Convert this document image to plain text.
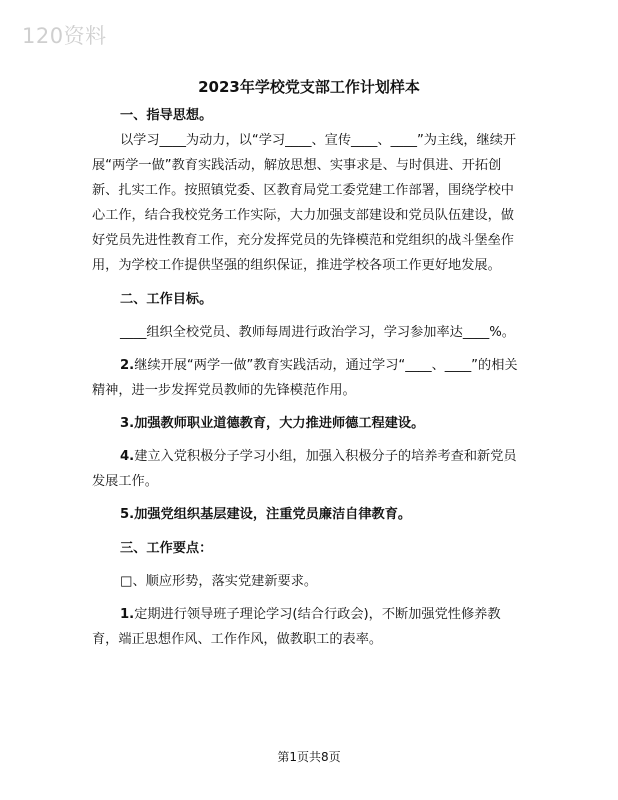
120资料
2023年学校党支部工作计划样本

一、指导思想。

以学习____为动力，以“学习____、宣传____、____”为主线，继续开展“两学一做”教育实践活动，解放思想、实事求是、与时俱进、开拓创新、扎实工作。按照镇党委、区教育局党工委党建工作部署，围绕学校中心工作，结合我校党务工作实际，大力加强支部建设和党员队伍建设，做好党员先进性教育工作，充分发挥党员的先锋模范和党组织的战斗堡垒作用，为学校工作提供坚强的组织保证，推进学校各项工作更好地发展。

二、工作目标。

____组织全校党员、教师每周进行政治学习，学习参加率达____%。

2.继续开展“两学一做”教育实践活动，通过学习“____、____”的相关精神，进一步发挥党员教师的先锋模范作用。

3.加强教师职业道德教育，大力推进师德工程建设。

4.建立入党积极分子学习小组，加强入积极分子的培养考查和新党员发展工作。

5.加强党组织基层建设，注重党员廉洁自律教育。

三、工作要点：

□、顺应形势，落实党建新要求。

1.定期进行领导班子理论学习(结合行政会)，不断加强党性修养教育，端正思想作风、工作作风，做教职工的表率。

第1页共8页
